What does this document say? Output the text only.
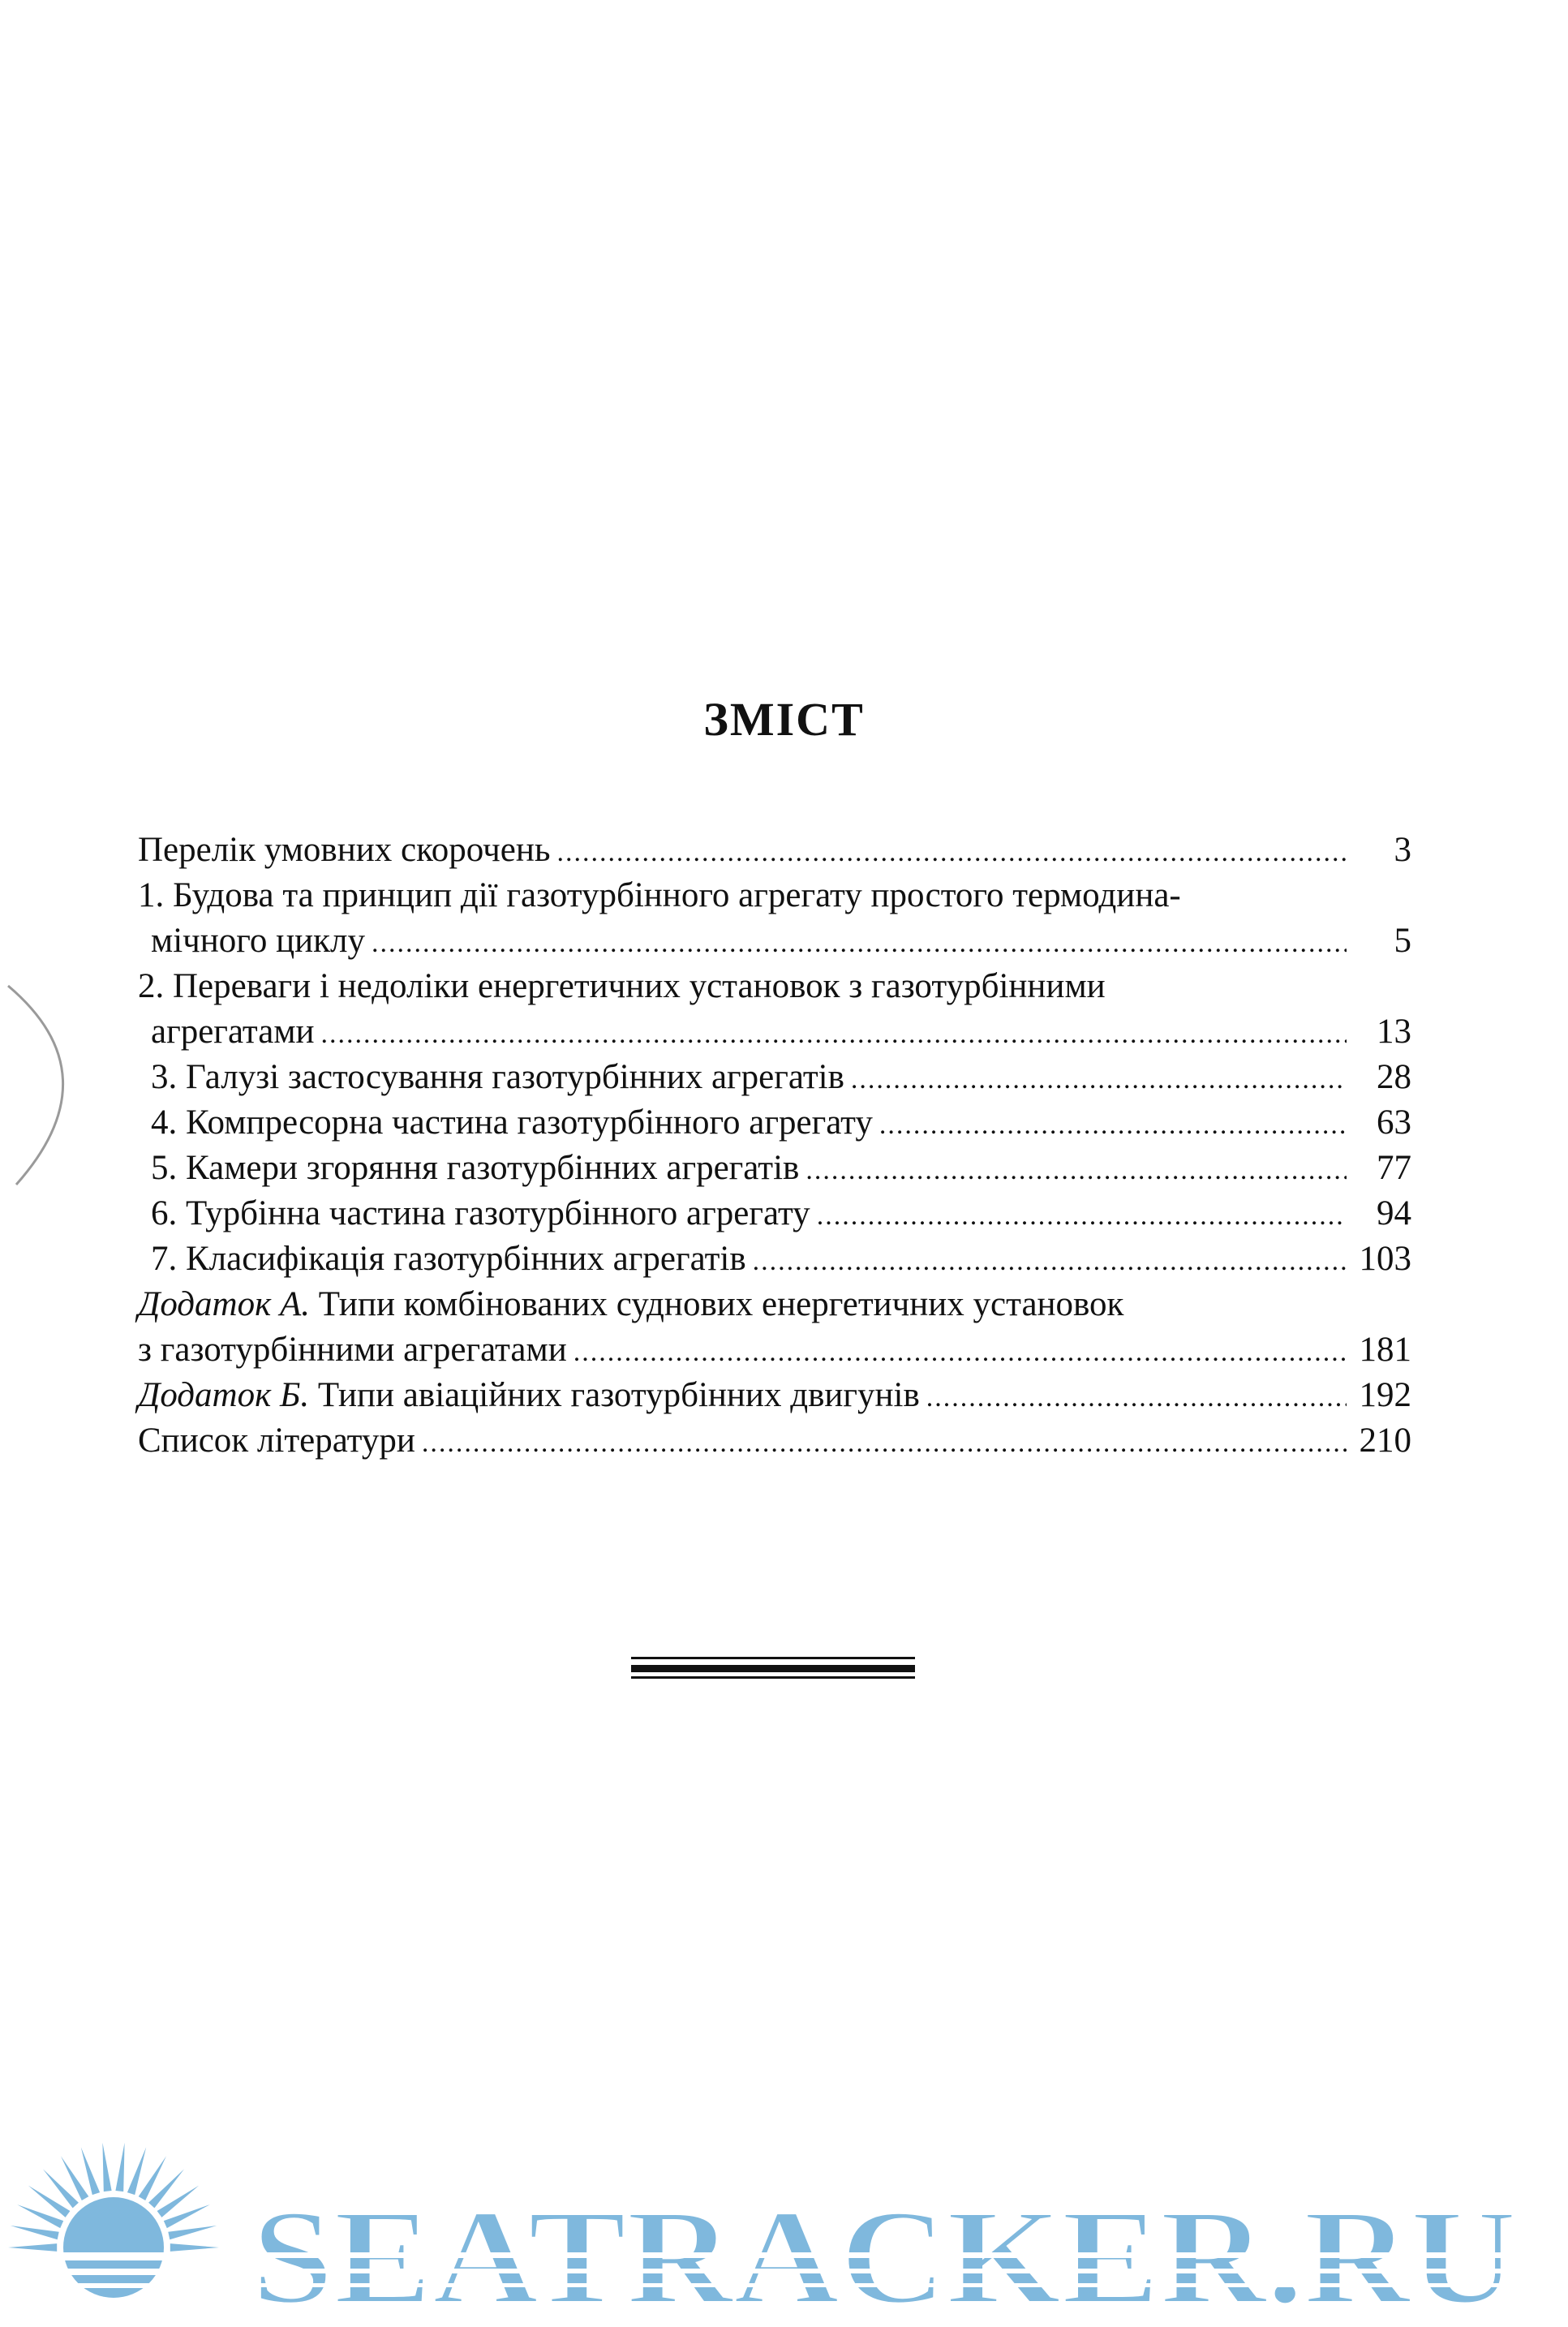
ЗМІСТ
Перелік умовних скорочень .....	3
1. Будова та принцип дії газотурбінного агрегату простого термодина-
мічного циклу .....	5
2. Переваги і недоліки енергетичних установок з газотурбінними
агрегатами .....	13
3. Галузі застосування газотурбінних агрегатів .....	28
4. Компресорна частина газотурбінного агрегату .....	63
5. Камери згоряння газотурбінних агрегатів .....	77
6. Турбінна частина газотурбінного агрегату .....	94
7. Класифікація газотурбінних агрегатів .....	103
Додаток А. Типи комбінованих суднових енергетичних установок
з газотурбінними агрегатами .....	181
Додаток Б. Типи авіаційних газотурбінних двигунів .....	192
Список літератури .....	210
